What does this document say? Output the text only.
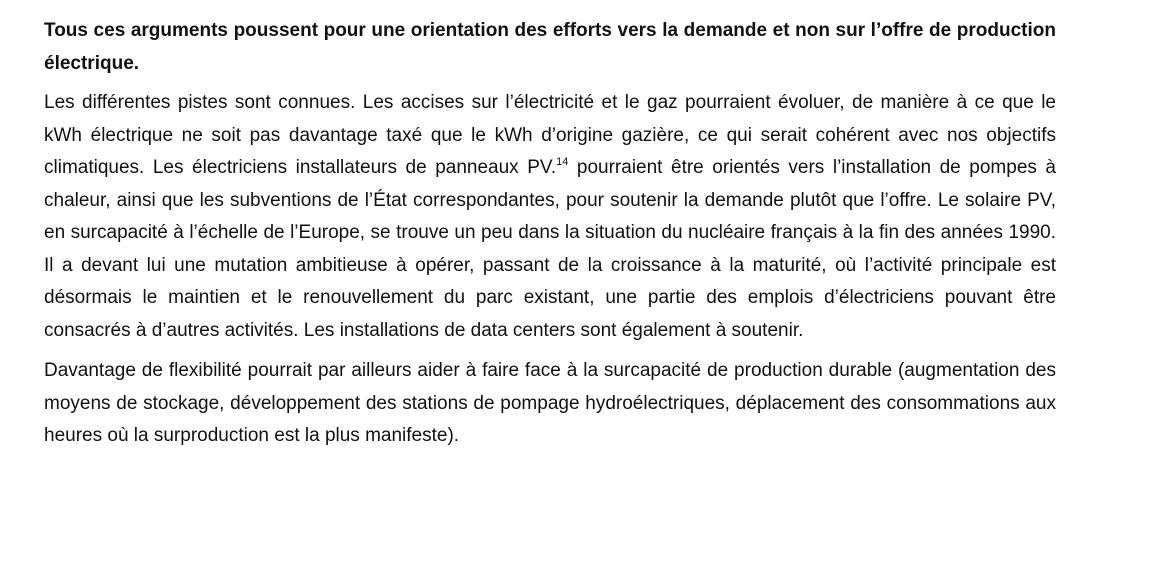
Tous ces arguments poussent pour une orientation des efforts vers la demande et non sur l’offre de production électrique.

Les différentes pistes sont connues. Les accises sur l’électricité et le gaz pourraient évoluer, de manière à ce que le kWh électrique ne soit pas davantage taxé que le kWh d’origine gazière, ce qui serait cohérent avec nos objectifs climatiques. Les électriciens installateurs de panneaux PV.$^{14}$ pourraient être orientés vers l’installation de pompes à chaleur, ainsi que les subventions de l’État correspondantes, pour soutenir la demande plutôt que l’offre. Le solaire PV, en surcapacité à l’échelle de l’Europe, se trouve un peu dans la situation du nucléaire français à la fin des années 1990. Il a devant lui une mutation ambitieuse à opérer, passant de la croissance à la maturité, où l’activité principale est désormais le maintien et le renouvellement du parc existant, une partie des emplois d’électriciens pouvant être consacrés à d’autres activités. Les installations de data centers sont également à soutenir.

Davantage de flexibilité pourrait par ailleurs aider à faire face à la surcapacité de production durable (augmentation des moyens de stockage, développement des stations de pompage hydroélectriques, déplacement des consommations aux heures où la surproduction est la plus manifeste).
